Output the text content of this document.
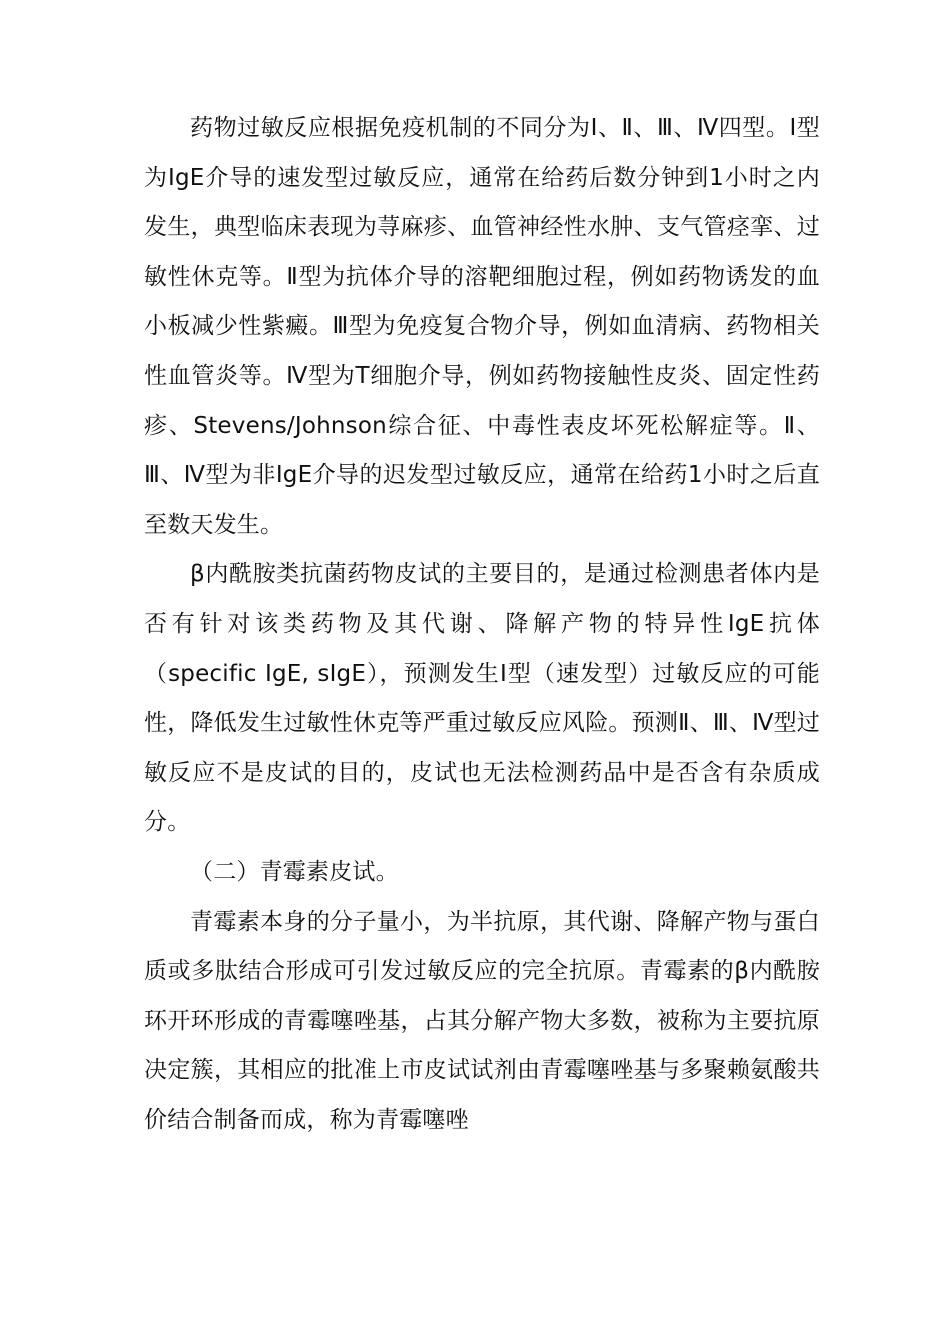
药物过敏反应根据免疫机制的不同分为Ⅰ、Ⅱ、Ⅲ、Ⅳ四型。Ⅰ型为IgE介导的速发型过敏反应，通常在给药后数分钟到1小时之内发生，典型临床表现为荨麻疹、血管神经性水肿、支气管痉挛、过敏性休克等。Ⅱ型为抗体介导的溶靶细胞过程，例如药物诱发的血小板减少性紫癜。Ⅲ型为免疫复合物介导，例如血清病、药物相关性血管炎等。Ⅳ型为T细胞介导，例如药物接触性皮炎、固定性药疹、Stevens/Johnson综合征、中毒性表皮坏死松解症等。Ⅱ、Ⅲ、Ⅳ型为非IgE介导的迟发型过敏反应，通常在给药1小时之后直至数天发生。

β内酰胺类抗菌药物皮试的主要目的，是通过检测患者体内是否有针对该类药物及其代谢、降解产物的特异性IgE抗体（specific IgE, sIgE），预测发生Ⅰ型（速发型）过敏反应的可能性，降低发生过敏性休克等严重过敏反应风险。预测Ⅱ、Ⅲ、Ⅳ型过敏反应不是皮试的目的，皮试也无法检测药品中是否含有杂质成分。

（二）青霉素皮试。

青霉素本身的分子量小，为半抗原，其代谢、降解产物与蛋白质或多肽结合形成可引发过敏反应的完全抗原。青霉素的β内酰胺环开环形成的青霉噻唑基，占其分解产物大多数，被称为主要抗原决定簇，其相应的批准上市皮试试剂由青霉噻唑基与多聚赖氨酸共价结合制备而成，称为青霉噻唑
